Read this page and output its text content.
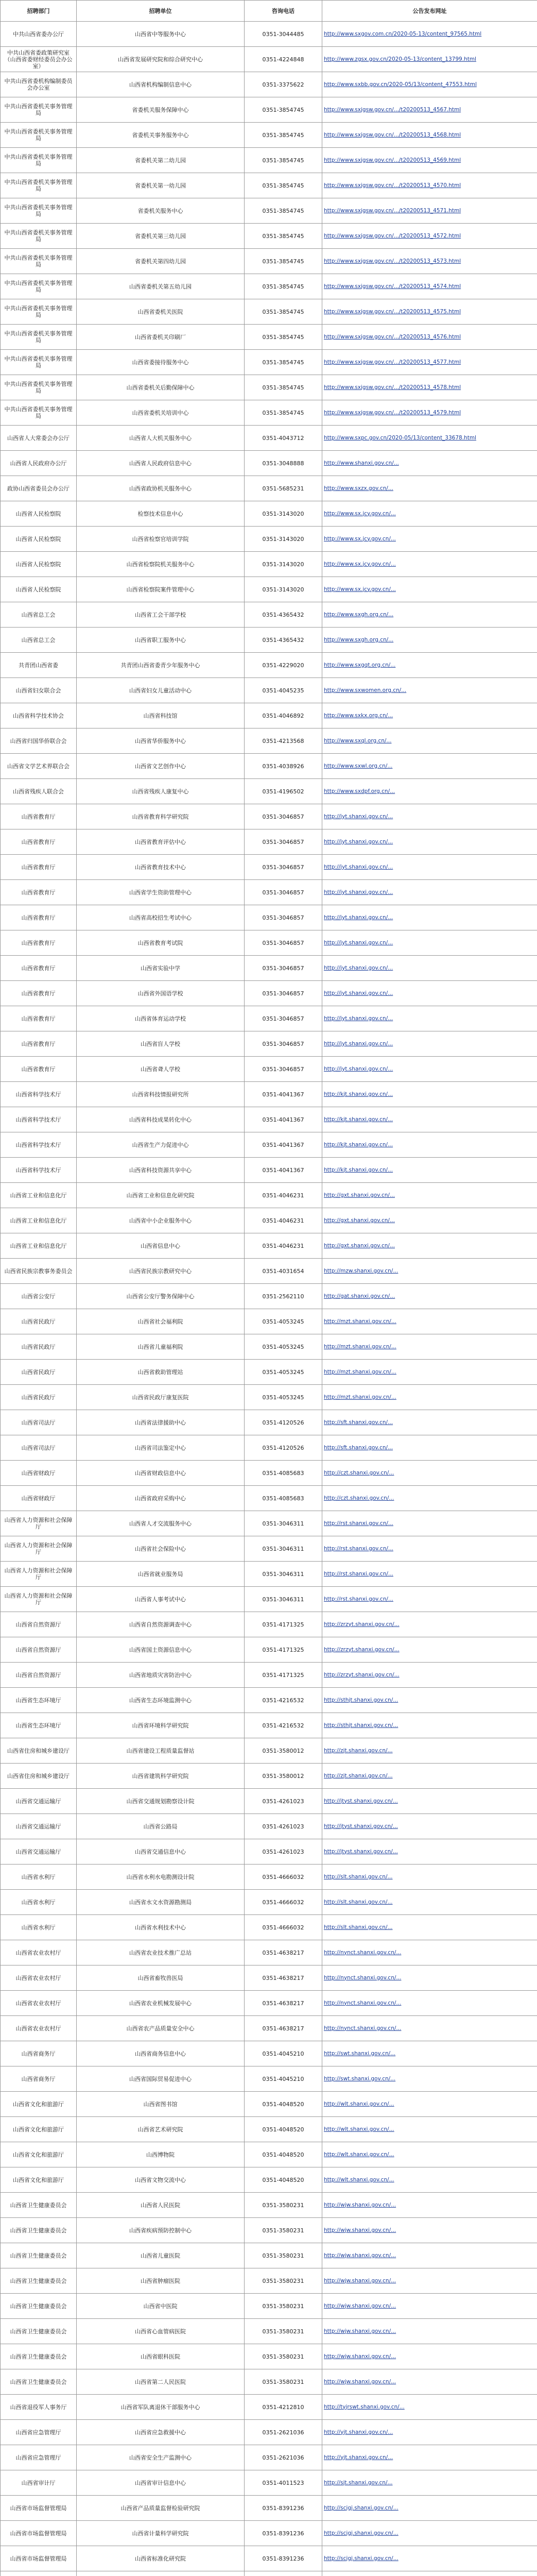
招聘部门	招聘单位	咨询电话	公告发布网址
中共山西省委办公厅	山西省中等服务中心	0351-3044485	http://www.sxgov.com.cn/2020-05-13/content_97565.html
中共山西省委政策研究室（山西省委财经委员会办公室）	山西省发展研究院和综合研究中心	0351-4224848	http://www.zgsx.gov.cn/2020-05-13/content_13799.html
中共山西省委机构编制委员会办公室	山西省机构编制信息中心	0351-3375622	http://www.sxbb.gov.cn/2020-05/13/content_47553.html
中共山西省委机关事务管理局	省委机关服务保障中心	0351-3854745	http://www.sxjgsw.gov.cn/.../t20200513_4567.html
中共山西省委机关事务管理局	省委机关事务服务中心	0351-3854745	http://www.sxjgsw.gov.cn/.../t20200513_4568.html
中共山西省委机关事务管理局	省委机关第二幼儿园	0351-3854745	http://www.sxjgsw.gov.cn/.../t20200513_4569.html
中共山西省委机关事务管理局	省委机关第一幼儿园	0351-3854745	http://www.sxjgsw.gov.cn/.../t20200513_4570.html
中共山西省委机关事务管理局	省委机关服务中心	0351-3854745	http://www.sxjgsw.gov.cn/.../t20200513_4571.html
中共山西省委机关事务管理局	省委机关第三幼儿园	0351-3854745	http://www.sxjgsw.gov.cn/.../t20200513_4572.html
中共山西省委机关事务管理局	省委机关第四幼儿园	0351-3854745	http://www.sxjgsw.gov.cn/.../t20200513_4573.html
中共山西省委机关事务管理局	山西省委机关第五幼儿园	0351-3854745	http://www.sxjgsw.gov.cn/.../t20200513_4574.html
中共山西省委机关事务管理局	山西省委机关医院	0351-3854745	http://www.sxjgsw.gov.cn/.../t20200513_4575.html
中共山西省委机关事务管理局	山西省委机关印刷厂	0351-3854745	http://www.sxjgsw.gov.cn/.../t20200513_4576.html
中共山西省委机关事务管理局	山西省委接待服务中心	0351-3854745	http://www.sxjgsw.gov.cn/.../t20200513_4577.html
中共山西省委机关事务管理局	山西省委机关后勤保障中心	0351-3854745	http://www.sxjgsw.gov.cn/.../t20200513_4578.html
中共山西省委机关事务管理局	山西省委机关培训中心	0351-3854745	http://www.sxjgsw.gov.cn/.../t20200513_4579.html
山西省人大常委会办公厅	山西省人大机关服务中心	0351-4043712	http://www.sxpc.gov.cn/2020-05/13/content_33678.html
山西省人民政府办公厅	山西省人民政府信息中心	0351-3048888	http://www.shanxi.gov.cn/...
政协山西省委员会办公厅	山西省政协机关服务中心	0351-5685231	http://www.sxzx.gov.cn/...
山西省人民检察院	检察技术信息中心	0351-3143020	http://www.sx.jcy.gov.cn/...
山西省人民检察院	山西省检察官培训学院	0351-3143020	http://www.sx.jcy.gov.cn/...
山西省人民检察院	山西省检察院机关服务中心	0351-3143020	http://www.sx.jcy.gov.cn/...
山西省人民检察院	山西省检察院案件管理中心	0351-3143020	http://www.sx.jcy.gov.cn/...
山西省总工会	山西省工会干部学校	0351-4365432	http://www.sxgh.org.cn/...
山西省总工会	山西省职工服务中心	0351-4365432	http://www.sxgh.org.cn/...
共青团山西省委	共青团山西省委青少年服务中心	0351-4229020	http://www.sxgqt.org.cn/...
山西省妇女联合会	山西省妇女儿童活动中心	0351-4045235	http://www.sxwomen.org.cn/...
山西省科学技术协会	山西省科技馆	0351-4046892	http://www.sxkx.org.cn/...
山西省归国华侨联合会	山西省华侨服务中心	0351-4213568	http://www.sxql.org.cn/...
山西省文学艺术界联合会	山西省文艺创作中心	0351-4038926	http://www.sxwl.org.cn/...
山西省残疾人联合会	山西省残疾人康复中心	0351-4196502	http://www.sxdpf.org.cn/...
山西省教育厅	山西省教育科学研究院	0351-3046857	http://jyt.shanxi.gov.cn/...
山西省教育厅	山西省教育评估中心	0351-3046857	http://jyt.shanxi.gov.cn/...
山西省教育厅	山西省教育技术中心	0351-3046857	http://jyt.shanxi.gov.cn/...
山西省教育厅	山西省学生资助管理中心	0351-3046857	http://jyt.shanxi.gov.cn/...
山西省教育厅	山西省高校招生考试中心	0351-3046857	http://jyt.shanxi.gov.cn/...
山西省教育厅	山西省教育考试院	0351-3046857	http://jyt.shanxi.gov.cn/...
山西省教育厅	山西省实验中学	0351-3046857	http://jyt.shanxi.gov.cn/...
山西省教育厅	山西省外国语学校	0351-3046857	http://jyt.shanxi.gov.cn/...
山西省教育厅	山西省体育运动学校	0351-3046857	http://jyt.shanxi.gov.cn/...
山西省教育厅	山西省盲人学校	0351-3046857	http://jyt.shanxi.gov.cn/...
山西省教育厅	山西省聋人学校	0351-3046857	http://jyt.shanxi.gov.cn/...
山西省科学技术厅	山西省科技情报研究所	0351-4041367	http://kjt.shanxi.gov.cn/...
山西省科学技术厅	山西省科技成果转化中心	0351-4041367	http://kjt.shanxi.gov.cn/...
山西省科学技术厅	山西省生产力促进中心	0351-4041367	http://kjt.shanxi.gov.cn/...
山西省科学技术厅	山西省科技资源共享中心	0351-4041367	http://kjt.shanxi.gov.cn/...
山西省工业和信息化厅	山西省工业和信息化研究院	0351-4046231	http://gxt.shanxi.gov.cn/...
山西省工业和信息化厅	山西省中小企业服务中心	0351-4046231	http://gxt.shanxi.gov.cn/...
山西省工业和信息化厅	山西省信息中心	0351-4046231	http://gxt.shanxi.gov.cn/...
山西省民族宗教事务委员会	山西省民族宗教研究中心	0351-4031654	http://mzw.shanxi.gov.cn/...
山西省公安厅	山西省公安厅警务保障中心	0351-2562110	http://gat.shanxi.gov.cn/...
山西省民政厅	山西省社会福利院	0351-4053245	http://mzt.shanxi.gov.cn/...
山西省民政厅	山西省儿童福利院	0351-4053245	http://mzt.shanxi.gov.cn/...
山西省民政厅	山西省救助管理站	0351-4053245	http://mzt.shanxi.gov.cn/...
山西省民政厅	山西省民政厅康复医院	0351-4053245	http://mzt.shanxi.gov.cn/...
山西省司法厅	山西省法律援助中心	0351-4120526	http://sft.shanxi.gov.cn/...
山西省司法厅	山西省司法鉴定中心	0351-4120526	http://sft.shanxi.gov.cn/...
山西省财政厅	山西省财政信息中心	0351-4085683	http://czt.shanxi.gov.cn/...
山西省财政厅	山西省政府采购中心	0351-4085683	http://czt.shanxi.gov.cn/...
山西省人力资源和社会保障厅	山西省人才交流服务中心	0351-3046311	http://rst.shanxi.gov.cn/...
山西省人力资源和社会保障厅	山西省社会保险中心	0351-3046311	http://rst.shanxi.gov.cn/...
山西省人力资源和社会保障厅	山西省就业服务局	0351-3046311	http://rst.shanxi.gov.cn/...
山西省人力资源和社会保障厅	山西省人事考试中心	0351-3046311	http://rst.shanxi.gov.cn/...
山西省自然资源厅	山西省自然资源调查中心	0351-4171325	http://zrzyt.shanxi.gov.cn/...
山西省自然资源厅	山西省国土资源信息中心	0351-4171325	http://zrzyt.shanxi.gov.cn/...
山西省自然资源厅	山西省地质灾害防治中心	0351-4171325	http://zrzyt.shanxi.gov.cn/...
山西省生态环境厅	山西省生态环境监测中心	0351-4216532	http://sthjt.shanxi.gov.cn/...
山西省生态环境厅	山西省环境科学研究院	0351-4216532	http://sthjt.shanxi.gov.cn/...
山西省住房和城乡建设厅	山西省建设工程质量监督站	0351-3580012	http://zjt.shanxi.gov.cn/...
山西省住房和城乡建设厅	山西省建筑科学研究院	0351-3580012	http://zjt.shanxi.gov.cn/...
山西省交通运输厅	山西省交通规划勘察设计院	0351-4261023	http://jtyst.shanxi.gov.cn/...
山西省交通运输厅	山西省公路局	0351-4261023	http://jtyst.shanxi.gov.cn/...
山西省交通运输厅	山西省交通信息中心	0351-4261023	http://jtyst.shanxi.gov.cn/...
山西省水利厅	山西省水利水电勘测设计院	0351-4666032	http://slt.shanxi.gov.cn/...
山西省水利厅	山西省水文水资源勘测局	0351-4666032	http://slt.shanxi.gov.cn/...
山西省水利厅	山西省水利技术中心	0351-4666032	http://slt.shanxi.gov.cn/...
山西省农业农村厅	山西省农业技术推广总站	0351-4638217	http://nynct.shanxi.gov.cn/...
山西省农业农村厅	山西省畜牧兽医局	0351-4638217	http://nynct.shanxi.gov.cn/...
山西省农业农村厅	山西省农业机械发展中心	0351-4638217	http://nynct.shanxi.gov.cn/...
山西省农业农村厅	山西省农产品质量安全中心	0351-4638217	http://nynct.shanxi.gov.cn/...
山西省商务厅	山西省商务信息中心	0351-4045210	http://swt.shanxi.gov.cn/...
山西省商务厅	山西省国际贸易促进中心	0351-4045210	http://swt.shanxi.gov.cn/...
山西省文化和旅游厅	山西省图书馆	0351-4048520	http://wlt.shanxi.gov.cn/...
山西省文化和旅游厅	山西省艺术研究院	0351-4048520	http://wlt.shanxi.gov.cn/...
山西省文化和旅游厅	山西博物院	0351-4048520	http://wlt.shanxi.gov.cn/...
山西省文化和旅游厅	山西省文物交流中心	0351-4048520	http://wlt.shanxi.gov.cn/...
山西省卫生健康委员会	山西省人民医院	0351-3580231	http://wjw.shanxi.gov.cn/...
山西省卫生健康委员会	山西省疾病预防控制中心	0351-3580231	http://wjw.shanxi.gov.cn/...
山西省卫生健康委员会	山西省儿童医院	0351-3580231	http://wjw.shanxi.gov.cn/...
山西省卫生健康委员会	山西省肿瘤医院	0351-3580231	http://wjw.shanxi.gov.cn/...
山西省卫生健康委员会	山西省中医院	0351-3580231	http://wjw.shanxi.gov.cn/...
山西省卫生健康委员会	山西省心血管病医院	0351-3580231	http://wjw.shanxi.gov.cn/...
山西省卫生健康委员会	山西省眼科医院	0351-3580231	http://wjw.shanxi.gov.cn/...
山西省卫生健康委员会	山西省第二人民医院	0351-3580231	http://wjw.shanxi.gov.cn/...
山西省退役军人事务厅	山西省军队离退休干部服务中心	0351-4212810	http://tyjrswt.shanxi.gov.cn/...
山西省应急管理厅	山西省应急救援中心	0351-2621036	http://yjt.shanxi.gov.cn/...
山西省应急管理厅	山西省安全生产监测中心	0351-2621036	http://yjt.shanxi.gov.cn/...
山西省审计厅	山西省审计信息中心	0351-4011523	http://sjt.shanxi.gov.cn/...
山西省市场监督管理局	山西省产品质量监督检验研究院	0351-8391236	http://scjgj.shanxi.gov.cn/...
山西省市场监督管理局	山西省计量科学研究院	0351-8391236	http://scjgj.shanxi.gov.cn/...
山西省市场监督管理局	山西省标准化研究院	0351-8391236	http://scjgj.shanxi.gov.cn/...
